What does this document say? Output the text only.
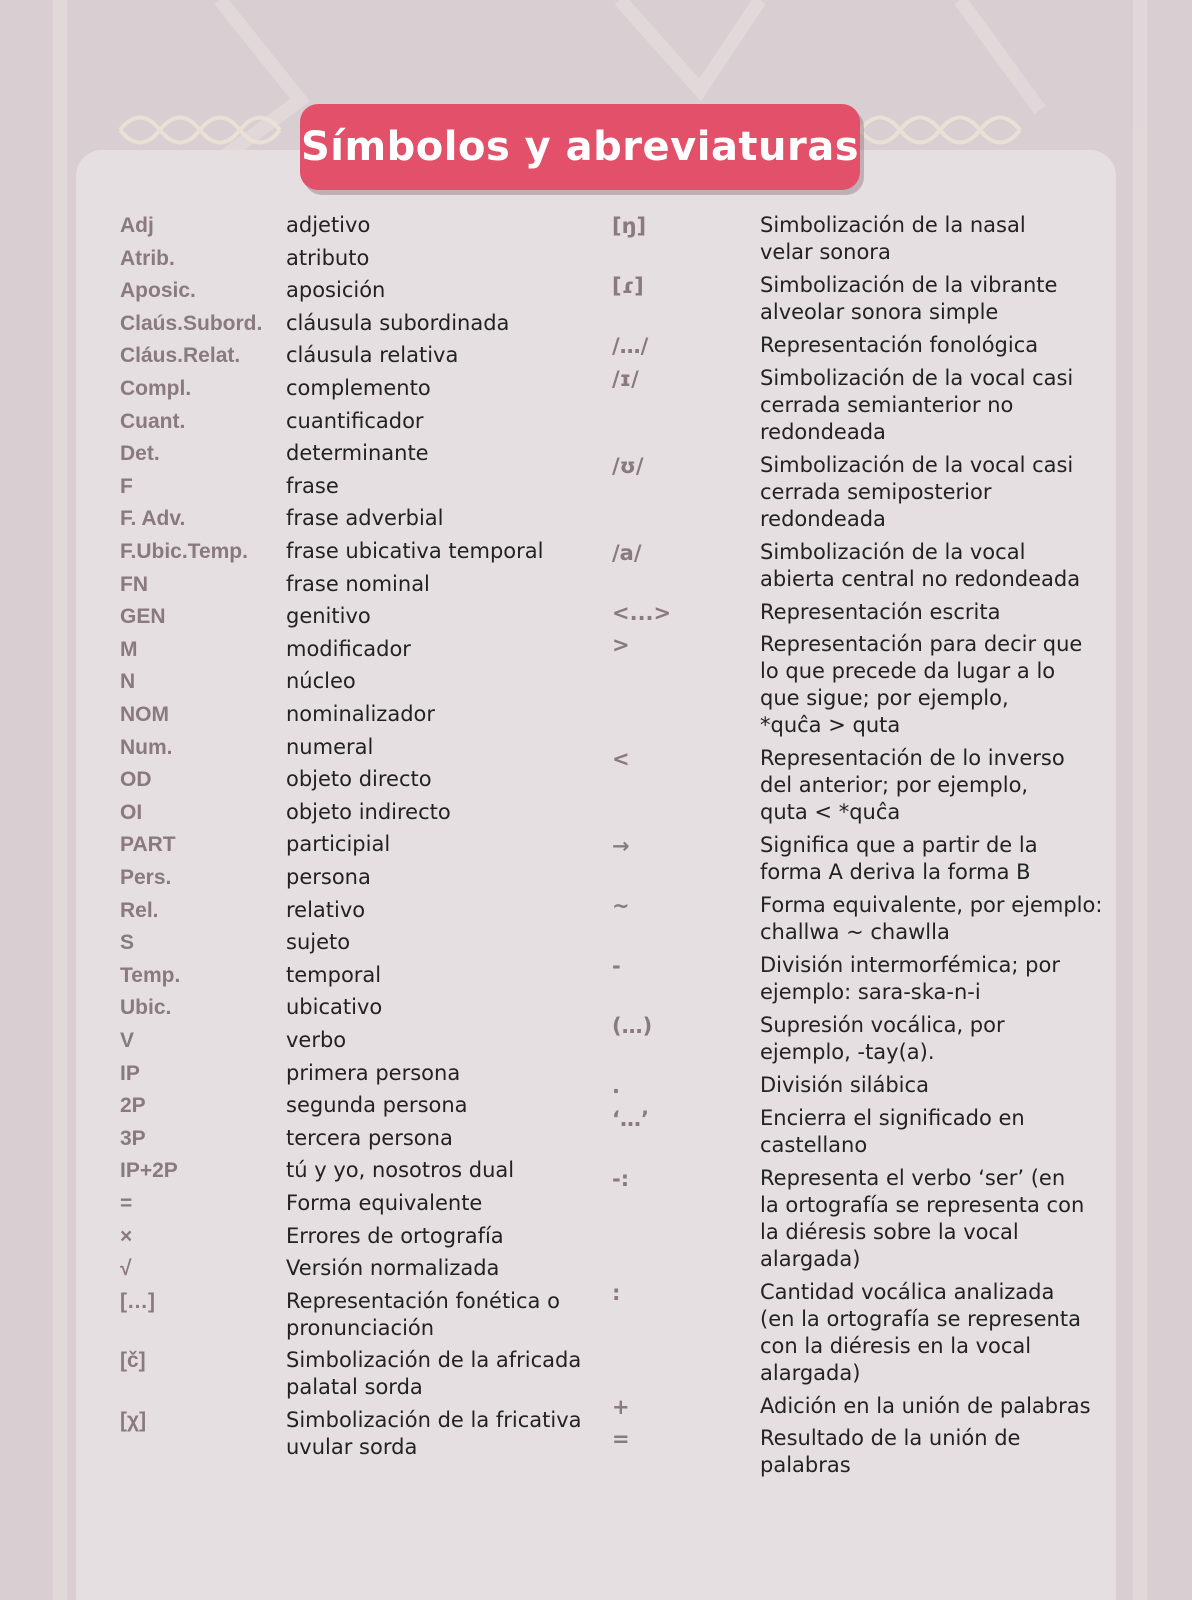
Símbolos y abreviaturas
Adj	adjetivo
Atrib.	atributo
Aposic.	aposición
Claús.Subord. cláusula subordinada
Cláus.Relat. cláusula relativa
Compl.	complemento
Cuant.	cuantificador
Det.	determinante
F	frase
F. Adv.	frase adverbial
F.Ubic.Temp. frase ubicativa temporal
FN	frase nominal
GEN	genitivo
M	modificador
N	núcleo
NOM	nominalizador
Num.	numeral
OD	objeto directo
OI	objeto indirecto
PART	participial
Pers.	persona
Rel.	relativo
S	sujeto
Temp.	temporal
Ubic.	ubicativo
V	verbo
IP	primera persona
2P	segunda persona
3P	tercera persona
IP+2P	tú y yo, nosotros dual
=	Forma equivalente
×	Errores de ortografía
√	Versión normalizada
[…]	Representación fonética o
pronunciación
[č]	Simbolización de la africada
palatal sorda
[χ]	Simbolización de la fricativa
uvular sorda
[ŋ]	Simbolización de la nasal
velar sonora
[ɾ]	Simbolización de la vibrante
alveolar sonora simple
/…/	Representación fonológica
/ɪ/	Simbolización de la vocal casi
cerrada semianterior no
redondeada
/ʊ/	Simbolización de la vocal casi
cerrada semiposterior
redondeada
/a/	Simbolización de la vocal
abierta central no redondeada
<...>	Representación escrita
>	Representación para decir que
lo que precede da lugar a lo
que sigue; por ejemplo,
*quĉa > quta
<	Representación de lo inverso
del anterior; por ejemplo,
quta < *quĉa
→	Significa que a partir de la
forma A deriva la forma B
~	Forma equivalente, por ejemplo:
challwa ~ chawlla
-	División intermorfémica; por
ejemplo: sara-ska-n-i
(…)	Supresión vocálica, por
ejemplo, -tay(a).
.	División silábica
‘…’	Encierra el significado en
castellano
-:	Representa el verbo ‘ser’ (en
la ortografía se representa con
la diéresis sobre la vocal
alargada)
:	Cantidad vocálica analizada
(en la ortografía se representa
con la diéresis en la vocal
alargada)
+	Adición en la unión de palabras
=	Resultado de la unión de
palabras
